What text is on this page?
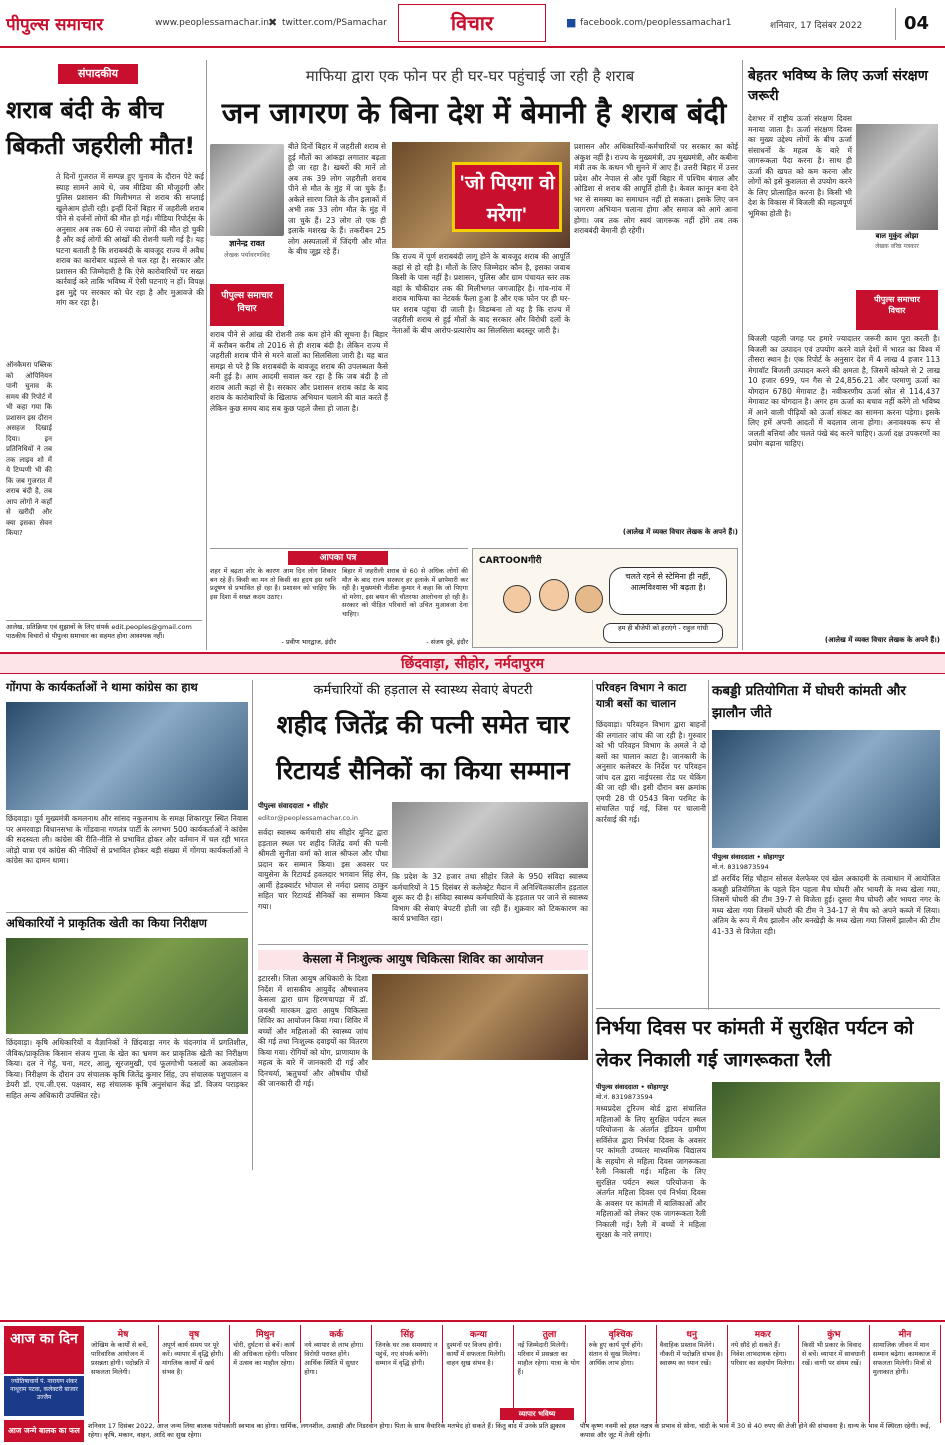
पीपुल्स समाचार	www.peoplessamachar.in ✖ twitter.com/PSamachar	विचार	■ facebook.com/peoplessamachar1	शनिवार, 17 दिसंबर 2022	04
संपादकीय
शराब बंदी के बीच बिकती जहरीली मौत!
ते दिनों गुजरात में सम्पन्न हुए चुनाव के दौरान पेटे कई स्याह सामने आये थे, जब मीडिया की मौजूदगी और पुलिस प्रशासन की मिलीभगत से शराब की सप्लाई खुलेआम होती रही। इन्हीं दिनों बिहार में जहरीली शराब पीने से दर्जनों लोगों की मौत हो गई। मीडिया रिपोर्ट्स के अनुसार अब तक 60 से ज्यादा लोगों की मौत हो चुकी है और कई लोगों की आंखों की रोशनी चली गई है। यह घटना बताती है कि शराबबंदी के बावजूद राज्य में अवैध शराब का कारोबार धड़ल्ले से चल रहा है। सरकार और प्रशासन की जिम्मेदारी है कि ऐसे कारोबारियों पर सख्त कार्रवाई करे ताकि भविष्य में ऐसी घटनाएं न हों। विपक्ष इस मुद्दे पर सरकार को घेर रहा है और मुआवजे की मांग कर रहा है।
ऑनकैमरा पब्लिक को ओपिनियन पानी चुनाव के समय की रिपोर्ट में भी कहा गया कि प्रशासन इस दौरान असहज दिखाई दिया। इन प्रतिनिधियों ने तब तक लाइव शो में ये टिप्पणी भी की कि जब गुजरात में शराब बंदी है, तब आप लोगों ने कहाँ से खरीदी और क्या इसका सेवन किया?
आलेख, प्रतिक्रिया एवं सुझावों के लिए संपर्क edit.peoples@gmail.com
पाठकीय विचारों से पीपुल्स समाचार का सहमत होना आवश्यक नहीं।
माफिया द्वारा एक फोन पर ही घर-घर पहुंचाई जा रही है शराब
जन जागरण के बिना देश में बेमानी है शराब बंदी
ज्ञानेन्द्र रावत
लेखक पर्यावरणविद
पीपुल्स समाचार
विचार
बीते दिनों बिहार में जहरीली शराब से हुई मौतों का आंकड़ा लगातार बढ़ता ही जा रहा है। खबरों की मानें तो अब तक 39 लोग जहरीली शराब पीने से मौत के मुंह में जा चुके हैं। अकेले सारण जिले के तीन इलाकों में अभी तक 33 लोग मौत के मुंह में जा चुके हैं। 23 लोग तो एक ही इलाके मशरख के हैं। तकरीबन 25 लोग अस्पतालों में जिंदगी और मौत के बीच जूझ रहे हैं।
शराब पीने से आंख की रोशनी तक कम होने की सूचना है। बिहार में करीबन करीब तो 2016 से ही शराब बंदी है। लेकिन राज्य में जहरीली शराब पीने से मरने वालों का सिलसिला जारी है। यह बात समझ से परे है कि शराबबंदी के बावजूद शराब की उपलब्धता कैसे बनी हुई है। आम आदमी सवाल कर रहा है कि जब बंदी है तो शराब आती कहां से है। सरकार और प्रशासन शराब कांड के बाद शराब के कारोबारियों के खिलाफ अभियान चलाने की बात करते हैं लेकिन कुछ समय बाद सब कुछ पहले जैसा हो जाता है।
'जो पिएगा वो मरेगा'
कि राज्य में पूर्ण शराबबंदी लागू होने के बावजूद शराब की आपूर्ति कहां से हो रही है। मौतों के लिए जिम्मेदार कौन है, इसका जवाब किसी के पास नहीं है। प्रशासन, पुलिस और ग्राम पंचायत स्तर तक वहां के चौकीदार तक की मिलीभगत जगजाहिर है। गांव-गांव में शराब माफिया का नेटवर्क फैला हुआ है और एक फोन पर ही घर-घर शराब पहुंचा दी जाती है। विडम्बना तो यह है कि राज्य में जहरीली शराब से हुई मौतों के बाद सरकार और विरोधी दलों के नेताओं के बीच आरोप-प्रत्यारोप का सिलसिला बदस्तूर जारी है।
प्रशासन और अधिकारियों-कर्मचारियों पर सरकार का कोई अंकुश नहीं है। राज्य के मुख्यमंत्री, उप मुख्यमंत्री, और कबीना मंत्री तक के कथन भी सुनने में आए हैं। उत्तरी बिहार में उत्तर प्रदेश और नेपाल से और पूर्वी बिहार में पश्चिम बंगाल और ओडिशा से शराब की आपूर्ति होती है। केवल कानून बना देने भर से समस्या का समाधान नहीं हो सकता। इसके लिए जन जागरण अभियान चलाना होगा और समाज को आगे आना होगा। जब तक लोग स्वयं जागरूक नहीं होंगे तब तक शराबबंदी बेमानी ही रहेगी।
(आलेख में व्यक्त विचार लेखक के अपने हैं।)
आपका पत्र
शहर में बढ़ता शोर के कारण आम दिन लोग शिकार बन रहे हैं। किसी का मन तो किसी का हृदय इस ध्वनि प्रदूषण से प्रभावित हो रहा है। प्रशासन को चाहिए कि इस दिशा में सख्त कदम उठाए।
- प्रवीण भारद्वाज, इंदौर
बिहार में जहरीली शराब से 60 से अधिक लोगों की मौत के बाद राज्य सरकार हर इलाके में छापेमारी कर रही है। मुख्यमंत्री नीतीश कुमार ने कहा कि जो पिएगा वो मरेगा, इस बयान की चौतरफा आलोचना हो रही है। सरकार को पीड़ित परिवारों को उचित मुआवजा देना चाहिए।
- संजय दुबे, इंदौर
CARTOONगीरी
चलते रहने से स्टेमिना ही नहीं, आत्मविश्वास भी बढ़ता है।
हम ही बीजेपी को हराएंगे - राहुल गांधी
बेहतर भविष्य के लिए ऊर्जा संरक्षण जरूरी
देशभर में राष्ट्रीय ऊर्जा संरक्षण दिवस मनाया जाता है। ऊर्जा संरक्षण दिवस का मुख्य उद्देश्य लोगों के बीच ऊर्जा संसाधनों के महत्व के बारे में जागरूकता पैदा करना है। साथ ही ऊर्जा की खपत को कम करना और लोगों को इसे कुशलता से उपयोग करने के लिए प्रोत्साहित करना है। किसी भी देश के विकास में बिजली की महत्वपूर्ण भूमिका होती है।
बाल मुकुंद ओझा
लेखक वरिष्ठ पत्रकार
पीपुल्स समाचार
विचार
बिजली पहली जगह पर हमारे ज्यादातर जरूरी काम पूरा करती है। बिजली का उत्पादन एवं उपयोग करने वाले देशों में भारत का विश्व में तीसरा स्थान है। एक रिपोर्ट के अनुसार देश में 4 लाख 4 हजार 113 मेगावॉट बिजली उत्पादन करने की क्षमता है, जिसमें कोयले से 2 लाख 10 हजार 699, पन गैस से 24,856.21 और परमाणु ऊर्जा का योगदान 6780 मेगावाट है। नवीकरणीय ऊर्जा स्रोत से 114,437 मेगावाट का योगदान है। अगर हम ऊर्जा का बचाव नहीं करेंगे तो भविष्य में आने वाली पीढ़ियों को ऊर्जा संकट का सामना करना पड़ेगा। इसके लिए हमें अपनी आदतों में बदलाव लाना होगा। अनावश्यक रूप से जलती बत्तियां और चलते पंखे बंद करने चाहिए। ऊर्जा दक्ष उपकरणों का प्रयोग बढ़ाना चाहिए।
(आलेख में व्यक्त विचार लेखक के अपने हैं।)
छिंदवाड़ा, सीहोर, नर्मदापुरम
गोंगपा के कार्यकर्ताओं ने थामा कांग्रेस का हाथ
छिंदवाड़ा। पूर्व मुख्यमंत्री कमलनाथ और सांसद नकुलनाथ के समक्ष शिकारपुर स्थित निवास पर अमरवाड़ा विधानसभा के गोंडवाना गणतंत्र पार्टी के लगभग 500 कार्यकर्ताओं ने कांग्रेस की सदस्यता ली। कांग्रेस की रीति-नीति से प्रभावित होकर और वर्तमान में चल रही भारत जोड़ो यात्रा एवं कांग्रेस की नीतियों से प्रभावित होकर बड़ी संख्या में गोंगपा कार्यकर्ताओं ने कांग्रेस का दामन थामा।
अधिकारियों ने प्राकृतिक खेती का किया निरीक्षण
छिंदवाड़ा। कृषि अधिकारियों व वैज्ञानिकों ने छिंदवाड़ा नगर के चंदनगांव में प्रगतिशील, जैविक/प्राकृतिक किसान संजय गुप्ता के खेत का भ्रमण कर प्राकृतिक खेती का निरीक्षण किया। दल ने गेहूं, चना, मटर, आलू, सूरजमुखी, एवं फूलगोभी फसलों का अवलोकन किया। निरीक्षण के दौरान उप संचालक कृषि जितेंद्र कुमार सिंह, उप संचालक पशुपालन व डेयरी डॉ. एच.जी.एस. पक्षवार, सह संचालक कृषि अनुसंधान केंद्र डॉ. विजय पराड़कर सहित अन्य अधिकारी उपस्थित रहे।
कर्मचारियों की हड़ताल से स्वास्थ्य सेवाएं बेपटरी
शहीद जितेंद्र की पत्नी समेत चार रिटायर्ड सैनिकों का किया सम्मान
पीपुल्स संवाददाता • सीहोर
editor@peoplessamachar.co.in
सर्वदा स्वास्थ्य कर्मचारी संघ सीहोर यूनिट द्वारा हड़ताल स्थल पर शहीद जितेंद्र वर्मा की पत्नी श्रीमती सुनीता वर्मा को शाल श्रीफल और पौधा प्रदान कर सम्मान किया। इस अवसर पर वायुसेना के रिटायर्ड हवलदार भगवान सिंह सेन, आर्मी हेडक्वार्टर भोपाल से नर्मदा प्रसाद ठाकुर सहित चार रिटायर्ड सैनिकों का सम्मान किया गया।
कि प्रदेश के 32 हजार तथा सीहोर जिले के 950 संविदा स्वास्थ्य कर्मचारियों ने 15 दिसंबर से कलेक्ट्रेट मैदान में अनिश्चितकालीन हड़ताल शुरू कर दी है। संविदा स्वास्थ्य कर्मचारियों के हड़ताल पर जाने से स्वास्थ्य विभाग की सेवाएं बेपटरी होती जा रही हैं। शुक्रवार को टिककारण का कार्य प्रभावित रहा।
केसला में निःशुल्क आयुष चिकित्सा शिविर का आयोजन
इटारसी। जिला आयुष अधिकारी के दिशा निर्देश में शासकीय आयुर्वेद औषधालय केसला द्वारा ग्राम हिरणचापड़ा में डॉ. जयश्री मारकम द्वारा आयुष चिकित्सा शिविर का आयोजन किया गया। शिविर में बच्चों और महिलाओं की स्वास्थ्य जांच की गई तथा निःशुल्क दवाइयों का वितरण किया गया। रोगियों को योग, प्राणायाम के महत्व के बारे में जानकारी दी गई और दिनचर्या, ऋतुचर्या और औषधीय पौधों की जानकारी दी गई।
परिवहन विभाग ने काटा यात्री बसों का चालान
छिंदवाड़ा। परिवहन विभाग द्वारा बाहनों की लगातार जांच की जा रही है। गुरुवार को भी परिवहन विभाग के अमले ने दो बसों का चालान काटा है। जानकारी के अनुसार कलेक्टर के निर्देश पर परिवहन जांच दल द्वारा नाईपरसा रोड पर चेकिंग की जा रही थी। इसी दौरान बस क्रमांक एमपी 28 पी 0543 बिना परमिट के संचालित पाई गई, जिस पर चालानी कार्रवाई की गई।
कबड्डी प्रतियोगिता में घोघरी कांमती और झालौन जीते
पीपुल्स संवाददाता • सोहागपुर
मो.नं. 8319873594
डॉ अरविंद सिंह चौहान सोसल वेलफेयर एवं खेल अकादमी के तत्वाधान में आयोजित कबड्डी प्रतियोगिता के पहले दिन पहला मैच घोघरी और भायरी के मध्य खेला गया, जिसमें घोघरी की टीम 39-7 से विजेता हुई। दूसरा मैच घोघरी और भायरा नगर के मध्य खेला गया जिसमें घोघरी की टीम ने 34-17 से मैच को अपने कब्जे में लिया। अंतिम के रूप में मैच झालौन और बनखेड़ी के मध्य खेला गया जिसमें झालौन की टीम 41-33 से विजेता रही।
निर्भया दिवस पर कांमती में सुरक्षित पर्यटन को लेकर निकाली गई जागरूकता रैली
पीपुल्स संवाददाता • सोहागपुर
मो.नं. 8319873594
मध्यप्रदेश टूरिज्म बोर्ड द्वारा संचालित महिलाओं के लिए सुरक्षित पर्यटन स्थल परियोजना के अंतर्गत इंडियन ग्रामीण सर्विसेज द्वारा निर्भया दिवस के अवसर पर कांमती उच्चतर माध्यमिक विद्यालय के सहयोग से महिला दिवस जागरूकता रैली निकाली गई। महिला के लिए सुरक्षित पर्यटन स्थल परियोजना के अंतर्गत महिला दिवस एवं निर्भया दिवस के अवसर पर कांमती में बालिकाओं और महिलाओं को लेकर एक जागरूकता रैली निकाली गई। रैली में बच्चों ने महिला सुरक्षा के नारे लगाए।
आज का दिन
ज्योतिषाचार्य पं. नारायण शंकर नाथूराम पटवा, कलेक्टरी बाजार उज्जैन
मेष
जोखिम के कार्यों से बचें, पारिवारिक आयोजन में प्रसन्नता होगी। पदोन्नति में सफलता मिलेगी।
वृष
अपूर्ण कार्य समय पर पूरे करें। व्यापार में वृद्धि होगी। मांगलिक कार्यों में खर्च संभव है।
मिथुन
चोरी, दुर्घटना से बचें। कार्य की अधिकता रहेगी। परिवार में उत्सव का माहौल रहेगा।
कर्क
नये व्यापार से लाभ होगा। विरोधी परास्त होंगे। आर्थिक स्थिति में सुधार होगा।
सिंह
जिनके घर तक समस्याएं न पहुंचें, नए संपर्क बनेंगे। सम्मान में वृद्धि होगी।
कन्या
दुश्मनों पर विजय होगी। कार्यों में सफलता मिलेगी। वाहन सुख संभव है।
तुला
नई जिम्मेदारी मिलेगी। परिवार में प्रसन्नता का माहौल रहेगा। यात्रा के योग हैं।
वृश्चिक
रुके हुए कार्य पूर्ण होंगे। संतान से सुख मिलेगा। आर्थिक लाभ होगा।
धनु
वैवाहिक प्रस्ताव मिलेंगे। नौकरी में पदोन्नति संभव है। स्वास्थ्य का ध्यान रखें।
मकर
नये सौदे हो सकते हैं। निवेश लाभदायक रहेगा। परिवार का सहयोग मिलेगा।
कुंभ
किसी भी प्रकार के विवाद से बचें। व्यापार में सावधानी रखें। वाणी पर संयम रखें।
मीन
सामाजिक जीवन में मान सम्मान बढ़ेगा। कामकाज में सफलता मिलेगी। मित्रों से मुलाकात होगी।
आज जन्मे बालक का फल	शनिवार 17 दिसंबर 2022, आज जन्म लिया बालक परोपकारी स्वभाव का होगा। धार्मिक, लगनशील, उत्साही और निडरवान होगा। पिता के साथ वैचारिक मतभेद हो सकते हैं। किंतु बाद में उनके प्रति झुकाव रहेगा। कृषि, मकान, वाहन, आदि का सुख रहेगा।
पौष कृष्ण नवमी को हस्त नक्षत्र के प्रभाव से सोना, चांदी के भाव में 30 से 40 रुपए की तेजी होने की संभावना है। धान्य के भाव में स्थिरता रहेगी। रूई, कपास और जूट में तेजी रहेगी।
व्यापार भविष्य
